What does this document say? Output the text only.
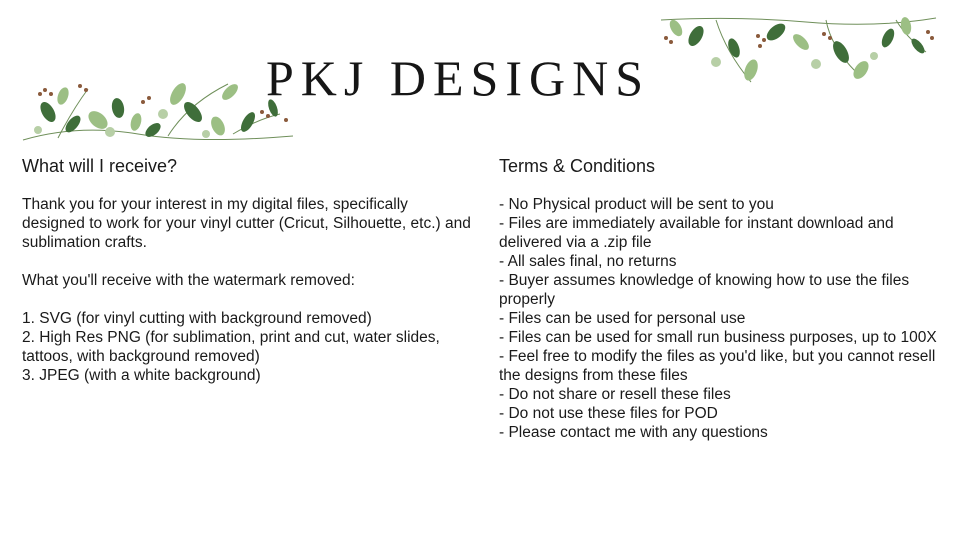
PKJ DESIGNS
What will I receive?

Thank you for your interest in my digital files, specifically designed to work for your vinyl cutter (Cricut, Silhouette, etc.) and sublimation crafts.

What you'll receive with the watermark removed:

1. SVG (for vinyl cutting with background removed)

2. High Res PNG (for sublimation, print and cut, water slides, tattoos, with background removed)

3. JPEG (with a white background)

Terms & Conditions

- No Physical product will be sent to you

- Files are immediately available for instant download and delivered via a .zip file

- All sales final, no returns

- Buyer assumes knowledge of knowing how to use the files properly

- Files can be used for personal use

- Files can be used for small run business purposes, up to 100X

- Feel free to modify the files as you'd like, but you cannot resell the designs from these files

- Do not share or resell these files

- Do not use these files for POD

- Please contact me with any questions
